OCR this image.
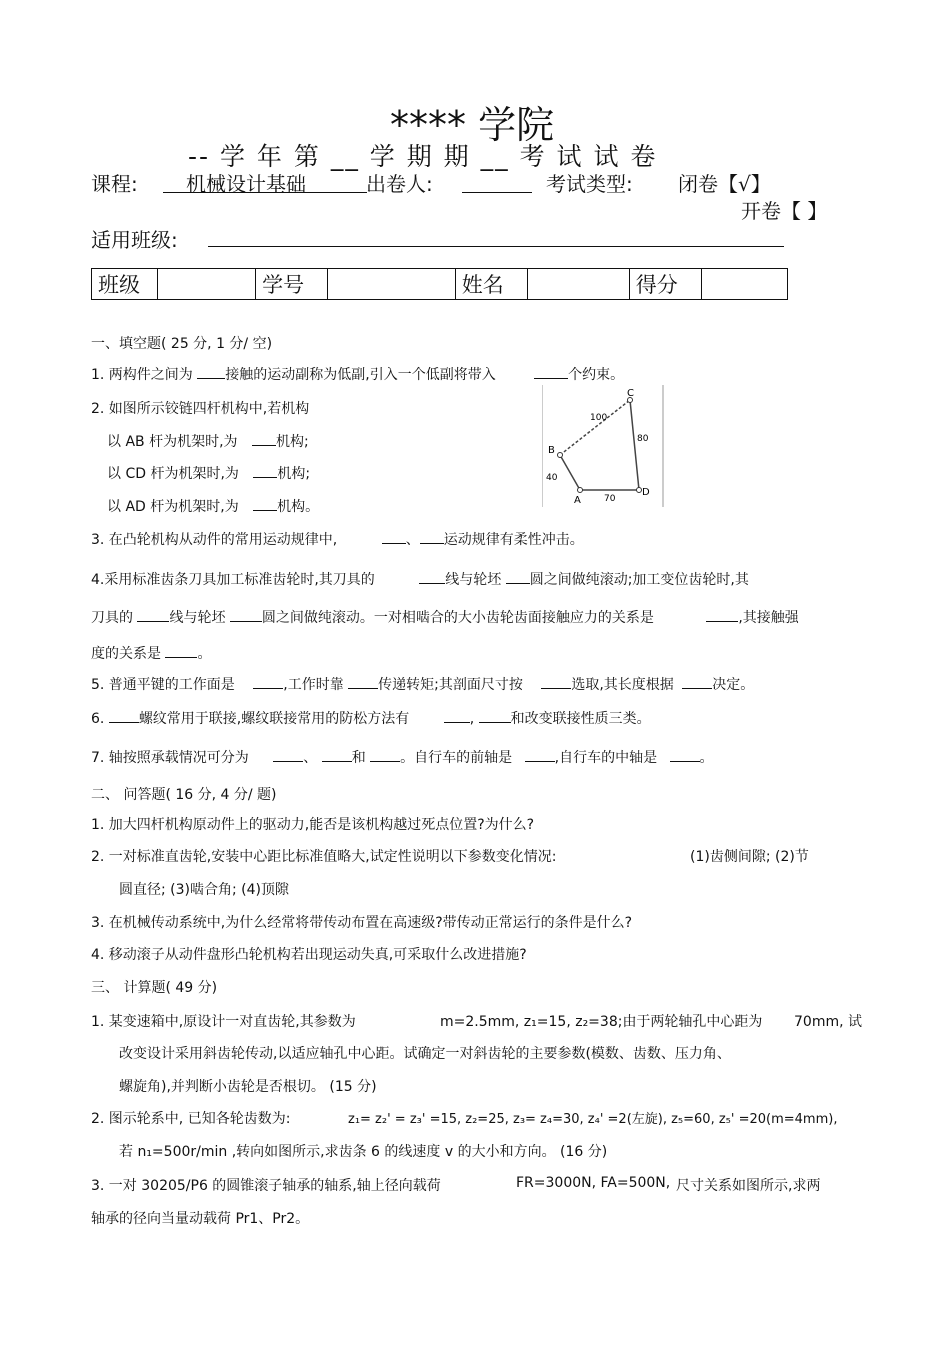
**** 学院
-- 学 年 第 __ 学 期 期 __ 考 试 试 卷
课程: 机械设计基础	出卷人:	考试类型: 闭卷【√】
开卷【 】
适用班级:
班级		学号		姓名		得分	
一、填空题( 25 分, 1 分/ 空)
1. 两构件之间为 接触的运动副称为低副,引入一个低副将带入	个约束。
2. 如图所示铰链四杆机构中,若机构
以 AB 杆为机架时,为	机构;
以 CD 杆为机架时,为	机构;
以 AD 杆为机架时,为	机构。
100
C
B
80
40
A	70
D
3. 在凸轮机构从动件的常用运动规律中,	、 运动规律有柔性冲击。
4.采用标准齿条刀具加工标准齿轮时,其刀具的	线与轮坯 圆之间做纯滚动;加工变位齿轮时,其
刀具的	线与轮坯	圆之间做纯滚动。一对相啮合的大小齿轮齿面接触应力的关系是	,其接触强
度的关系是	。
5. 普通平键的工作面是	,工作时靠 传递转矩;其剖面尺寸按	选取,其长度根据	决定。
6. 螺纹常用于联接,螺纹联接常用的防松方法有	,	和改变联接性质三类。
7. 轴按照承载情况可分为	、 和 。自行车的前轴是	,自行车的中轴是	。
二、 问答题( 16 分, 4 分/ 题)
1. 加大四杆机构原动件上的驱动力,能否是该机构越过死点位置?为什么?
2. 一对标准直齿轮,安装中心距比标准值略大,试定性说明以下参数变化情况:	(1)齿侧间隙; (2)节
圆直径; (3)啮合角; (4)顶隙
3. 在机械传动系统中,为什么经常将带传动布置在高速级?带传动正常运行的条件是什么?
4. 移动滚子从动件盘形凸轮机构若出现运动失真,可采取什么改进措施?
三、 计算题( 49 分)
1. 某变速箱中,原设计一对直齿轮,其参数为	m=2.5mm, z₁=15, z₂=38;由于两轮轴孔中心距为 70mm, 试
改变设计采用斜齿轮传动,以适应轴孔中心距。试确定一对斜齿轮的主要参数(模数、齿数、压力角、
螺旋角),并判断小齿轮是否根切。 (15 分)
2. 图示轮系中, 已知各轮齿数为:	z₁= z₂' = z₃' =15, z₂=25, z₃= z₄=30, z₄' =2(左旋), z₅=60, z₅' =20(m=4mm),
若 n₁=500r/min ,转向如图所示,求齿条 6 的线速度 v 的大小和方向。 (16 分)
3. 一对 30205/P6 的圆锥滚子轴承的轴系,轴上径向载荷	FR=3000N, FA=500N, 尺寸关系如图所示,求两
轴承的径向当量动载荷 Pr1、Pr2。
